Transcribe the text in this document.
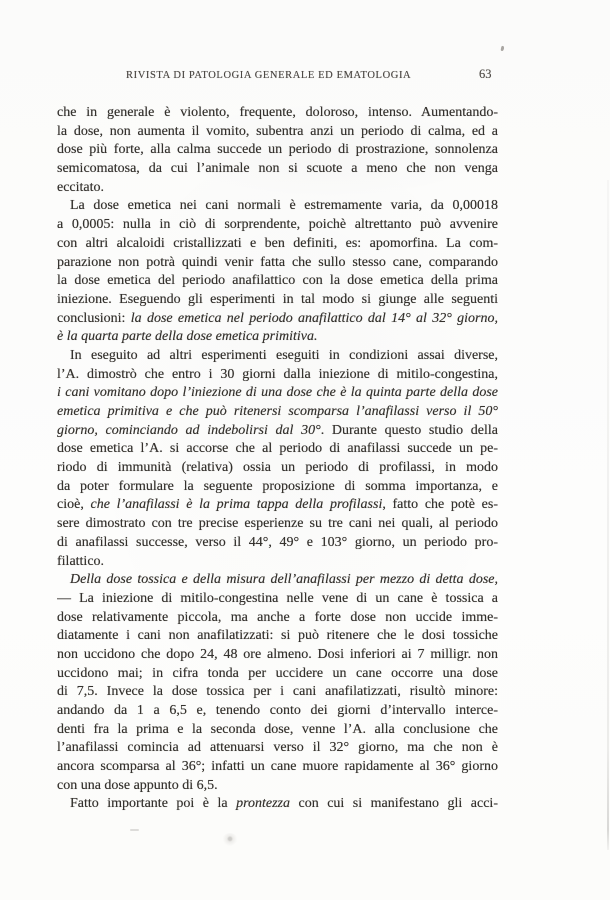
RIVISTA DI PATOLOGIA GENERALE ED EMATOLOGIA	63
che in generale è violento, frequente, doloroso, intenso. Aumentando-
la dose, non aumenta il vomito, subentra anzi un periodo di calma, ed a
dose più forte, alla calma succede un periodo di prostrazione, sonnolenza
semicomatosa, da cui l’animale non si scuote a meno che non venga
eccitato.
La dose emetica nei cani normali è estremamente varia, da 0,00018
a 0,0005: nulla in ciò di sorprendente, poichè altrettanto può avvenire
con altri alcaloidi cristallizzati e ben definiti, es: apomorfina. La com-
parazione non potrà quindi venir fatta che sullo stesso cane, comparando
la dose emetica del periodo anafilattico con la dose emetica della prima
iniezione. Eseguendo gli esperimenti in tal modo si giunge alle seguenti
conclusioni: la dose emetica nel periodo anafilattico dal 14° al 32° giorno,
è la quarta parte della dose emetica primitiva.
In eseguito ad altri esperimenti eseguiti in condizioni assai diverse,
l’A. dimostrò che entro i 30 giorni dalla iniezione di mitilo-congestina,
i cani vomitano dopo l’iniezione di una dose che è la quinta parte della dose
emetica primitiva e che può ritenersi scomparsa l’anafilassi verso il 50°
giorno, cominciando ad indebolirsi dal 30°. Durante questo studio della
dose emetica l’A. si accorse che al periodo di anafilassi succede un pe-
riodo di immunità (relativa) ossia un periodo di profilassi, in modo
da poter formulare la seguente proposizione di somma importanza, e
cioè, che l’anafilassi è la prima tappa della profilassi, fatto che potè es-
sere dimostrato con tre precise esperienze su tre cani nei quali, al periodo
di anafilassi successe, verso il 44°, 49° e 103° giorno, un periodo pro-
filattico.
Della dose tossica e della misura dell’anafilassi per mezzo di detta dose,
— La iniezione di mitilo-congestina nelle vene di un cane è tossica a
dose relativamente piccola, ma anche a forte dose non uccide imme-
diatamente i cani non anafilatizzati: si può ritenere che le dosi tossiche
non uccidono che dopo 24, 48 ore almeno. Dosi inferiori ai 7 milligr. non
uccidono mai; in cifra tonda per uccidere un cane occorre una dose
di 7,5. Invece la dose tossica per i cani anafilatizzati, risultò minore:
andando da 1 a 6,5 e, tenendo conto dei giorni d’intervallo interce-
denti fra la prima e la seconda dose, venne l’A. alla conclusione che
l’anafilassi comincia ad attenuarsi verso il 32° giorno, ma che non è
ancora scomparsa al 36°; infatti un cane muore rapidamente al 36° giorno
con una dose appunto di 6,5.
Fatto importante poi è la prontezza con cui si manifestano gli acci-
